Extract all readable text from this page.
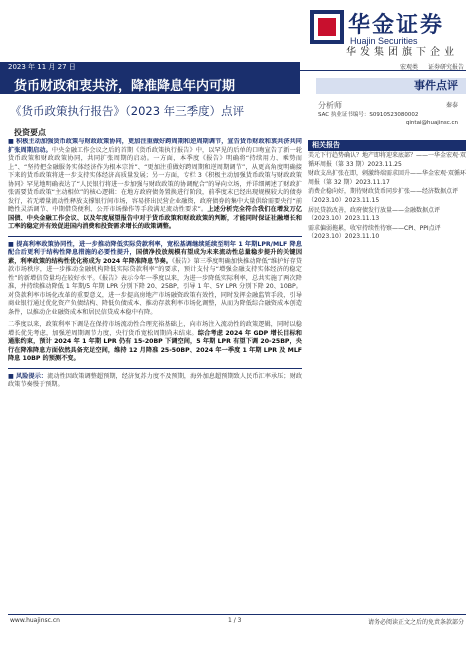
华金证券
Huajin Securities
华发集团旗下企业
2023 年 11 月 27 日	宏观类 证券研究报告
货币财政和衷共济，降准降息年内可期	事件点评
《货币政策执行报告》（2023 年三季度）点评	分析师	秦泰
SAC 执业证书编号：S0910523080002
qintai@huajinsc.cn
投资要点

■ 积极主动加强货币政策与财政政策协同，更加注重做好跨周期和逆周期调节，宣告货币财政和衷共济共同扩张周期启动。中央金融工作会议之后的首期《货币政策执行报告》中，以罕见的后单的口吻宣告了新一轮货币政策和财政政策协同，共同扩张周期的启动。一方面，本季度《报告》明确将“持续用力、乘势而上”、“坚持把金融服务实体经济作为根本宗旨”、“更加注重做好跨周期和逆周期调节”，从更高角度明确接下来的货币政策将进一步支持实体经济高质量发展；另一方面，专栏 3《积极主动加强货币政策与财政政策协同》罕见地明确表达了“人民银行将进一步加强与财政政策的协调配合”的导向立场，并详细阐述了财政扩张需要货币政策“主动相位”的核心逻辑：在地方政府债务置换进行阶段，前季度末已经出现规模较大的债券发行，若无增量流动性释放支撑银行间市场，容易挤出民营企业融资，政府债券的集中大量供给需要央行“前瞻性灵活调节、中期借贷便利、公开市场操作等手段满足流动性要求”。上述分析完全符合我们在增发万亿国债、中央金融工作会议、以及年度展望报告中对于货币政策和财政政策的判断，才能同时保证社融增长和工率的稳定并有效促进国内消费和投资需求增长的政策调整。

■ 提高利率政策协同性，进一步推动降低实际贷款利率，宽松基调继续延续至明年 1 年期LPR/MLF 降息配合后更利于结构性降息措施的必要性提升，国债净投放规模有望成为未来流动性总量稳步提升的关键因素，利率政策的结构性优化将成为 2024 年降准降息节奏。《报告》第三季度明确加快推动降低“维护好存贷款市场秩序，进一步推动金融机构降低实际贷款利率”的要求，预计支付与“增强金融支持实体经济的稳定性”的新增信贷量均在较好水平。《报告》表示今年一季度以来，为进一步降低实际利率，总共实施了两次降准，并持续推动降低 1 年期/5 年期 LPR 分别下降 20、25BP，引导 1 年、5Y LPR 分别下降 20、10BP。对贷款利率市场化改革的重要意义，进一步提高房地产市场融资政策有效性，同时发挥金融监管手段，引导商业银行通过优化资产负债结构、降低负债成本、推动存款利率市场化调整，从而为降低综合融资成本创造条件，以推动企业融资成本和居民信贷成本稳中有降。

二季度以来，政策利率下调是在保持市场流动性合理充裕基础上，向市场注入流动性的政策逻辑，同时以稳增长优先考虑，加强逆周期调节力度，央行货币宽松周期尚未结束。综合考虑 2024 年 GDP 增长目标和通胀约束，预计 2024 年 1 年期 LPR 仍有 15-20BP 下调空间，5 年期 LPR 有望下调 20-25BP，央行在降准降息方面依然具备充足空间，维持 12 月降准 25-50BP、2024 年一季度 1 年期 LPR 及 MLF 降息 10BP 的预测不变。

■ 风险提示：流动性因政策调整超预期，经济复苏力度不及预期，海外加息超预期致人民币汇率承压；财政政策节奏慢于预期。

相关报告
美元下行趋势确认？地产即将迎来底部？——一华金宏观·双循环周报（第 33 期）2023.11.25
财政支出扩张在即，刺激终端需求回升——华金宏观·双循环周报（第 32 期）2023.11.17
消费企稳向好，期待财政货币同步扩张——经济数据点评（2023.10）2023.11.15
居民贷款改善，政府债发行放量——金融数据点评（2023.10）2023.11.13
需求偏弱拖累，收窄持续性待察——CPI、PPI点评（2023.10）2023.11.10
www.huajinsc.cn	1 / 3	请务必阅读正文之后的免责条款部分
